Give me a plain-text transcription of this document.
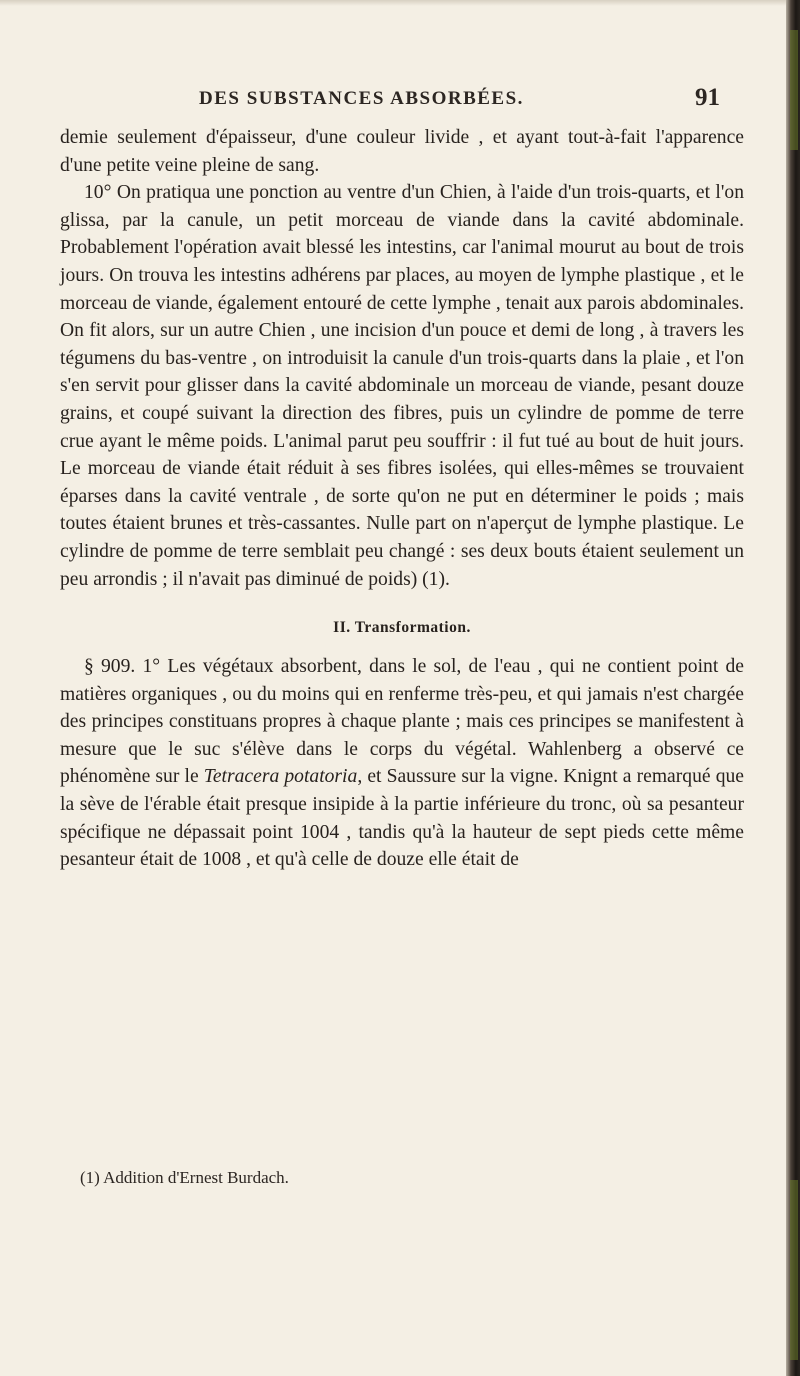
DES SUBSTANCES ABSORBÉES.	91

demie seulement d'épaisseur, d'une couleur livide , et ayant tout-à-fait l'apparence d'une petite veine pleine de sang.

10° On pratiqua une ponction au ventre d'un Chien, à l'aide d'un trois-quarts, et l'on glissa, par la canule, un petit morceau de viande dans la cavité abdominale. Probablement l'opération avait blessé les intestins, car l'animal mourut au bout de trois jours. On trouva les intestins adhérens par places, au moyen de lymphe plastique , et le morceau de viande, également entouré de cette lymphe , tenait aux parois abdominales. On fit alors, sur un autre Chien , une incision d'un pouce et demi de long , à travers les tégumens du bas-ventre , on introduisit la canule d'un trois-quarts dans la plaie , et l'on s'en servit pour glisser dans la cavité abdominale un morceau de viande, pesant douze grains, et coupé suivant la direction des fibres, puis un cylindre de pomme de terre crue ayant le même poids. L'animal parut peu souffrir : il fut tué au bout de huit jours. Le morceau de viande était réduit à ses fibres isolées, qui elles-mêmes se trouvaient éparses dans la cavité ventrale , de sorte qu'on ne put en déterminer le poids ; mais toutes étaient brunes et très-cassantes. Nulle part on n'aperçut de lymphe plastique. Le cylindre de pomme de terre semblait peu changé : ses deux bouts étaient seulement un peu arrondis ; il n'avait pas diminué de poids) (1).

II. Transformation.

§ 909. 1° Les végétaux absorbent, dans le sol, de l'eau , qui ne contient point de matières organiques , ou du moins qui en renferme très-peu, et qui jamais n'est chargée des principes constituans propres à chaque plante ; mais ces principes se manifestent à mesure que le suc s'élève dans le corps du végétal. Wahlenberg a observé ce phénomène sur le Tetracera potatoria, et Saussure sur la vigne. Knignt a remarqué que la sève de l'érable était presque insipide à la partie inférieure du tronc, où sa pesanteur spécifique ne dépassait point 1004 , tandis qu'à la hauteur de sept pieds cette même pesanteur était de 1008 , et qu'à celle de douze elle était de

(1) Addition d'Ernest Burdach.
